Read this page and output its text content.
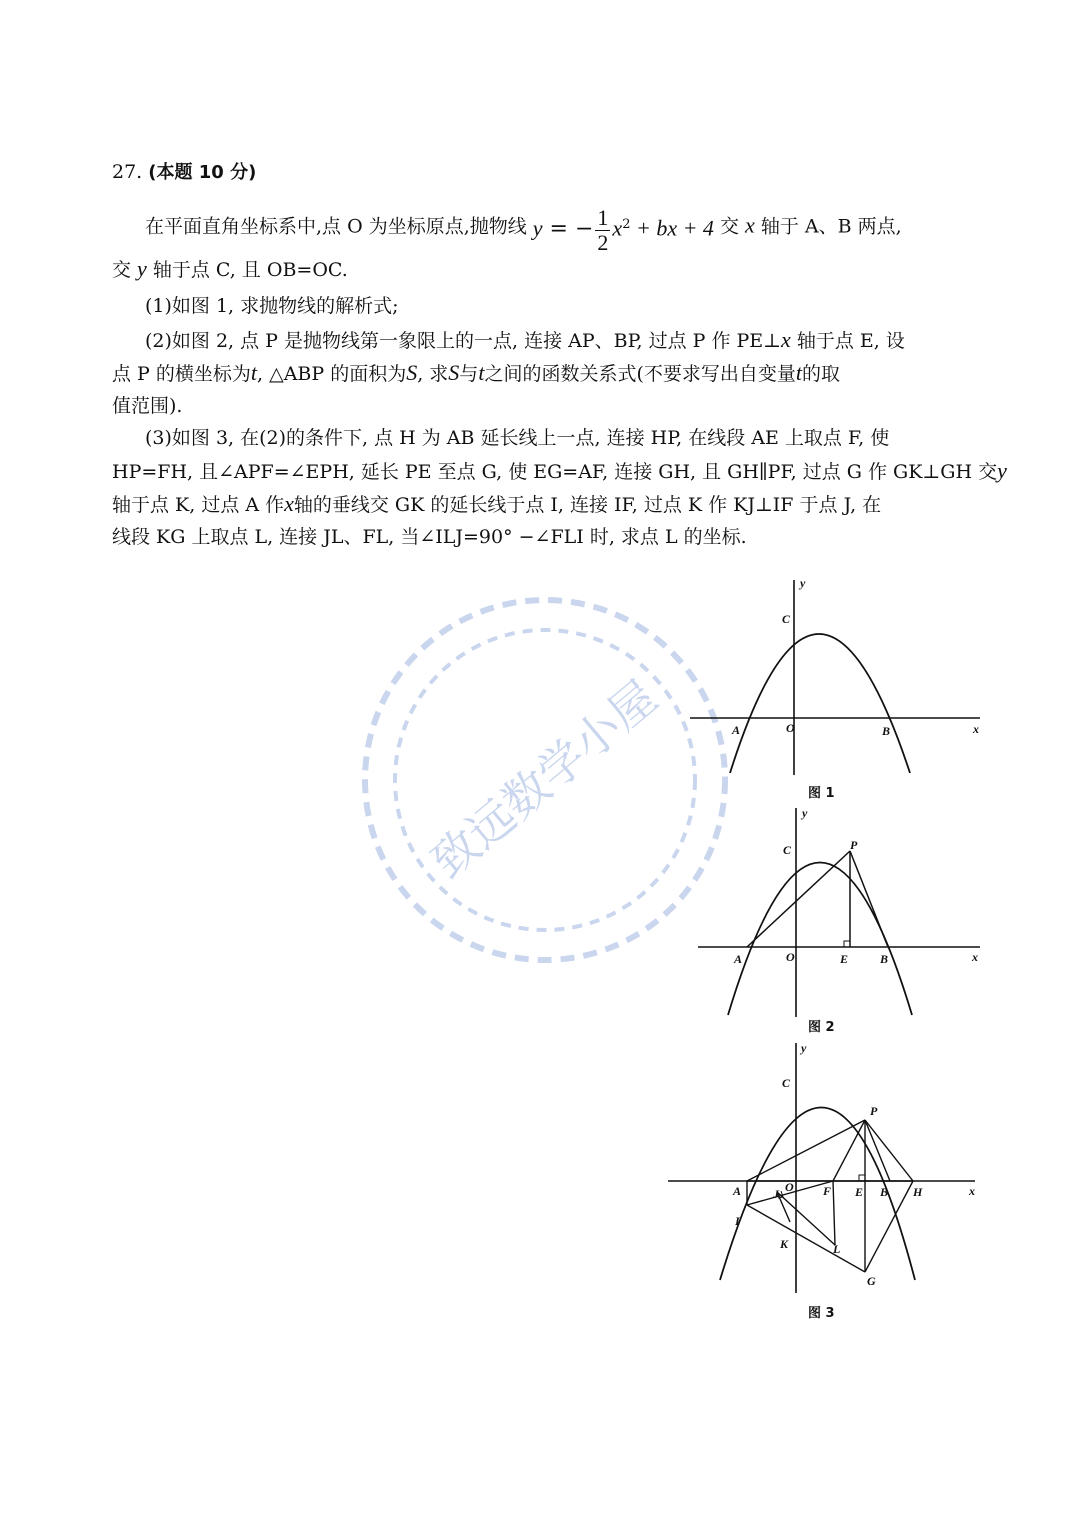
27. (本题 10 分)
在平面直角坐标系中,点 O 为坐标原点,抛物线 y = − $\frac{1}{2} x^2$ + bx + 4 交 x 轴于 A、B 两点,
交 y 轴于点 C, 且 OB=OC.
(1)如图 1, 求抛物线的解析式;
(2)如图 2, 点 P 是抛物线第一象限上的一点, 连接 AP、BP, 过点 P 作 PE⊥x 轴于点 E, 设
点 P 的横坐标为t, △ABP 的面积为S, 求S与t之间的函数关系式(不要求写出自变量t的取
值范围).
(3)如图 3, 在(2)的条件下, 点 H 为 AB 延长线上一点, 连接 HP, 在线段 AE 上取点 F, 使
HP=FH, 且∠APF=∠EPH, 延长 PE 至点 G, 使 EG=AF, 连接 GH, 且 GH∥PF, 过点 G 作 GK⊥GH 交y
轴于点 K, 过点 A 作x轴的垂线交 GK 的延长线于点 I, 连接 IF, 过点 K 作 KJ⊥IF 于点 J, 在
线段 KG 上取点 L, 连接 JL、FL, 当∠ILJ=90° −∠FLI 时, 求点 L 的坐标.
致远数学小屋
y
x
C
O
A	B
图 1
y
x
C
O
A	B
P
E
图 2
y
x
C
O
A	B H
P
E
F
J
I
K	L
G
图 3
